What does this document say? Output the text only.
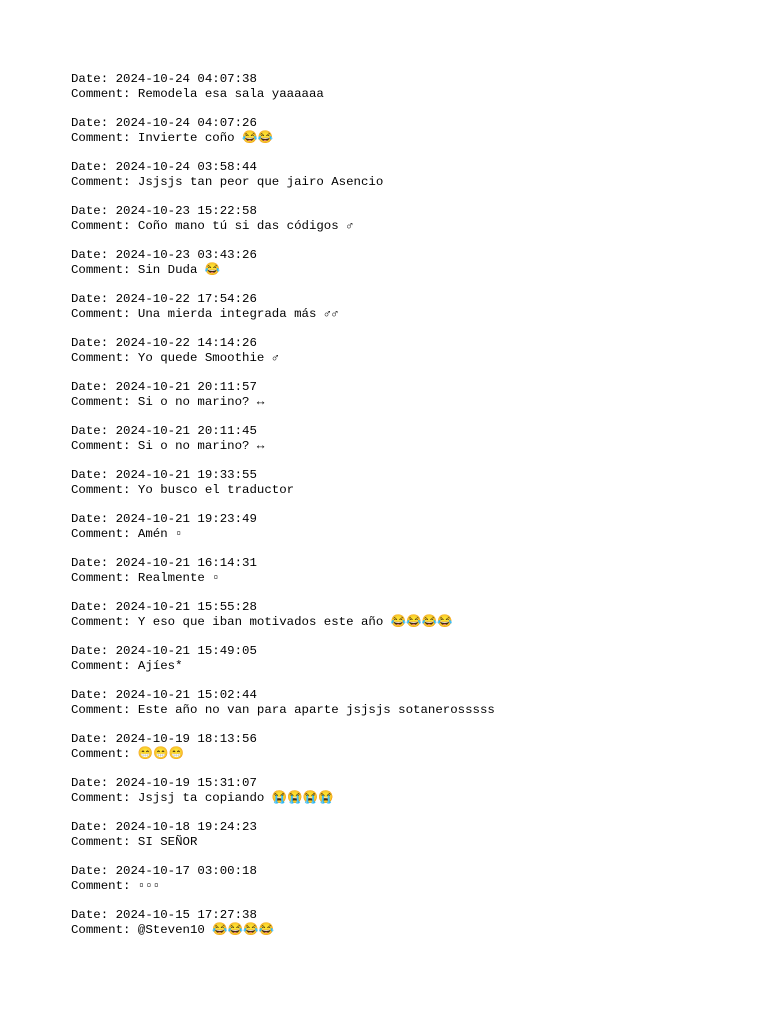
Date: 2024-10-24 04:07:38
Comment: Remodela esa sala yaaaaaa
Date: 2024-10-24 04:07:26
Comment: Invierte coño 😂😂
Date: 2024-10-24 03:58:44
Comment: Jsjsjs tan peor que jairo Asencio
Date: 2024-10-23 15:22:58
Comment: Coño mano tú si das códigos ♂
Date: 2024-10-23 03:43:26
Comment: Sin Duda 😂
Date: 2024-10-22 17:54:26
Comment: Una mierda integrada más ♂♂
Date: 2024-10-22 14:14:26
Comment: Yo quede Smoothie ♂
Date: 2024-10-21 20:11:57
Comment: Si o no marino? ↔
Date: 2024-10-21 20:11:45
Comment: Si o no marino? ↔
Date: 2024-10-21 19:33:55
Comment: Yo busco el traductor
Date: 2024-10-21 19:23:49
Comment: Amén ▫
Date: 2024-10-21 16:14:31
Comment: Realmente ▫
Date: 2024-10-21 15:55:28
Comment: Y eso que iban motivados este año 😂😂😂😂
Date: 2024-10-21 15:49:05
Comment: Ajíes*
Date: 2024-10-21 15:02:44
Comment: Este año no van para aparte jsjsjs sotanerosssss
Date: 2024-10-19 18:13:56
Comment: 😁😁😁
Date: 2024-10-19 15:31:07
Comment: Jsjsj ta copiando 😭😭😭😭
Date: 2024-10-18 19:24:23
Comment: SI SEÑOR
Date: 2024-10-17 03:00:18
Comment: ▫▫▫
Date: 2024-10-15 17:27:38
Comment: @Steven10 😂😂😂😂
